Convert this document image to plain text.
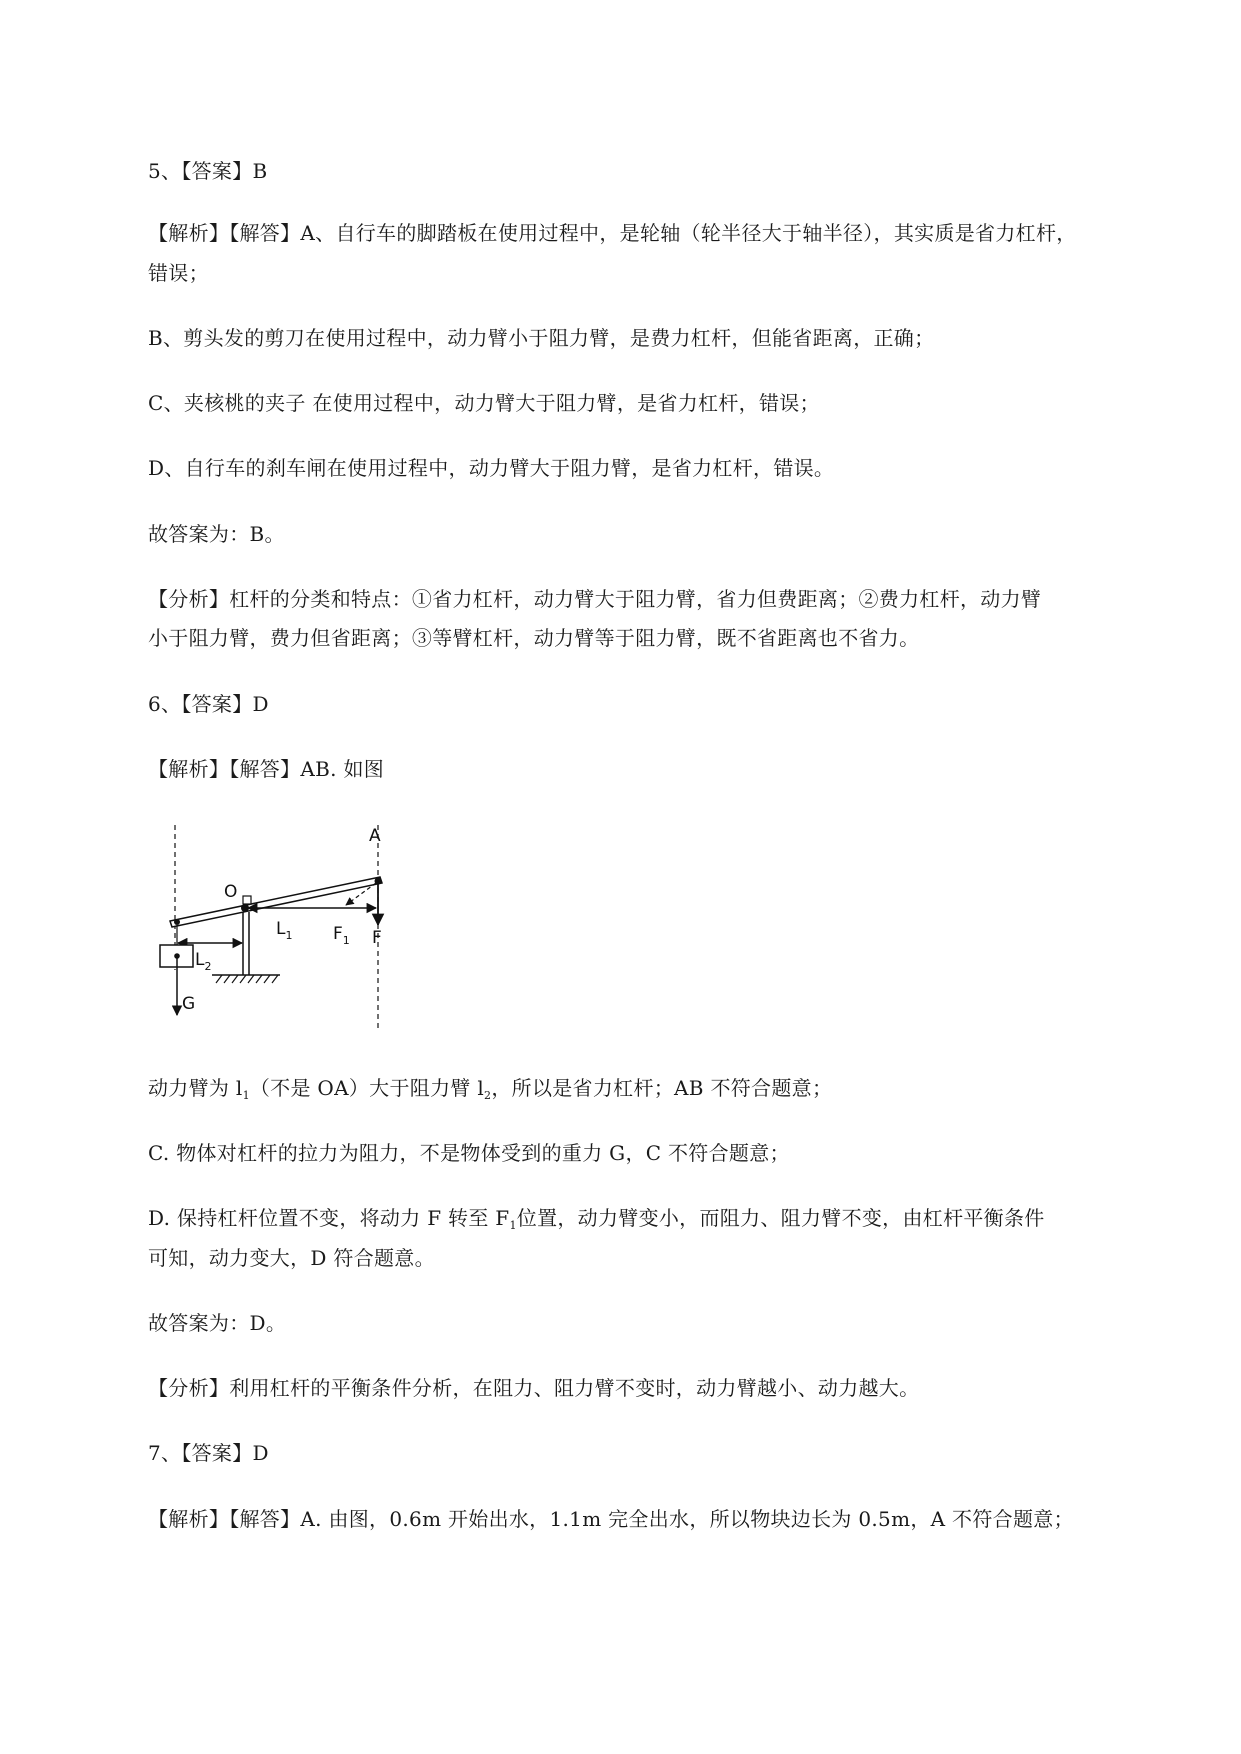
5、【答案】B
【解析】【解答】A、自行车的脚踏板在使用过程中，是轮轴（轮半径大于轴半径），其实质是省力杠杆，
错误；
B、剪头发的剪刀在使用过程中，动力臂小于阻力臂，是费力杠杆，但能省距离，正确；
C、夹核桃的夹子 在使用过程中，动力臂大于阻力臂，是省力杠杆，错误；
D、自行车的刹车闸在使用过程中，动力臂大于阻力臂，是省力杠杆，错误。
故答案为：B。
【分析】杠杆的分类和特点：①省力杠杆，动力臂大于阻力臂，省力但费距离；②费力杠杆，动力臂
小于阻力臂，费力但省距离；③等臂杠杆，动力臂等于阻力臂，既不省距离也不省力。
6、【答案】D
【解析】【解答】AB. 如图
A
O
$L_1$ $F_1$
$L_2$
F
G
动力臂为 $l_1$（不是 OA）大于阻力臂 $l_2$，所以是省力杠杆；AB 不符合题意；
C. 物体对杠杆的拉力为阻力，不是物体受到的重力 G，C 不符合题意；
D. 保持杠杆位置不变，将动力 F 转至 $F_1$位置，动力臂变小，而阻力、阻力臂不变，由杠杆平衡条件
可知，动力变大，D 符合题意。
故答案为：D。
【分析】利用杠杆的平衡条件分析，在阻力、阻力臂不变时，动力臂越小、动力越大。
7、【答案】D
【解析】【解答】A. 由图，0.6m 开始出水，1.1m 完全出水，所以物块边长为 0.5m，A 不符合题意；
